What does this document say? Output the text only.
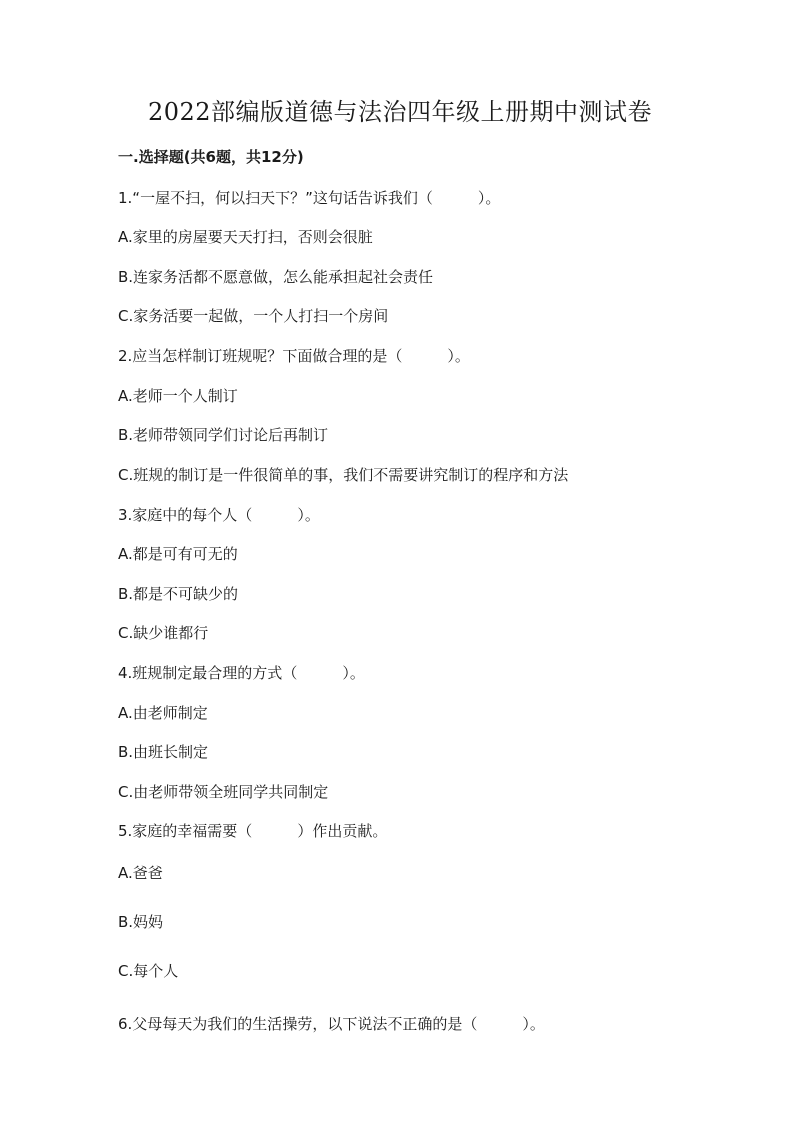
2022部编版道德与法治四年级上册期中测试卷
一.选择题(共6题，共12分)
1.“一屋不扫，何以扫天下？”这句话告诉我们（　　　）。
A.家里的房屋要天天打扫，否则会很脏
B.连家务活都不愿意做，怎么能承担起社会责任
C.家务活要一起做，一个人打扫一个房间
2.应当怎样制订班规呢？下面做合理的是（　　　）。
A.老师一个人制订
B.老师带领同学们讨论后再制订
C.班规的制订是一件很简单的事，我们不需要讲究制订的程序和方法
3.家庭中的每个人（　　　）。
A.都是可有可无的
B.都是不可缺少的
C.缺少谁都行
4.班规制定最合理的方式（　　　）。
A.由老师制定
B.由班长制定
C.由老师带领全班同学共同制定
5.家庭的幸福需要（　　　）作出贡献。
A.爸爸
B.妈妈
C.每个人
6.父母每天为我们的生活操劳，以下说法不正确的是（　　　）。
